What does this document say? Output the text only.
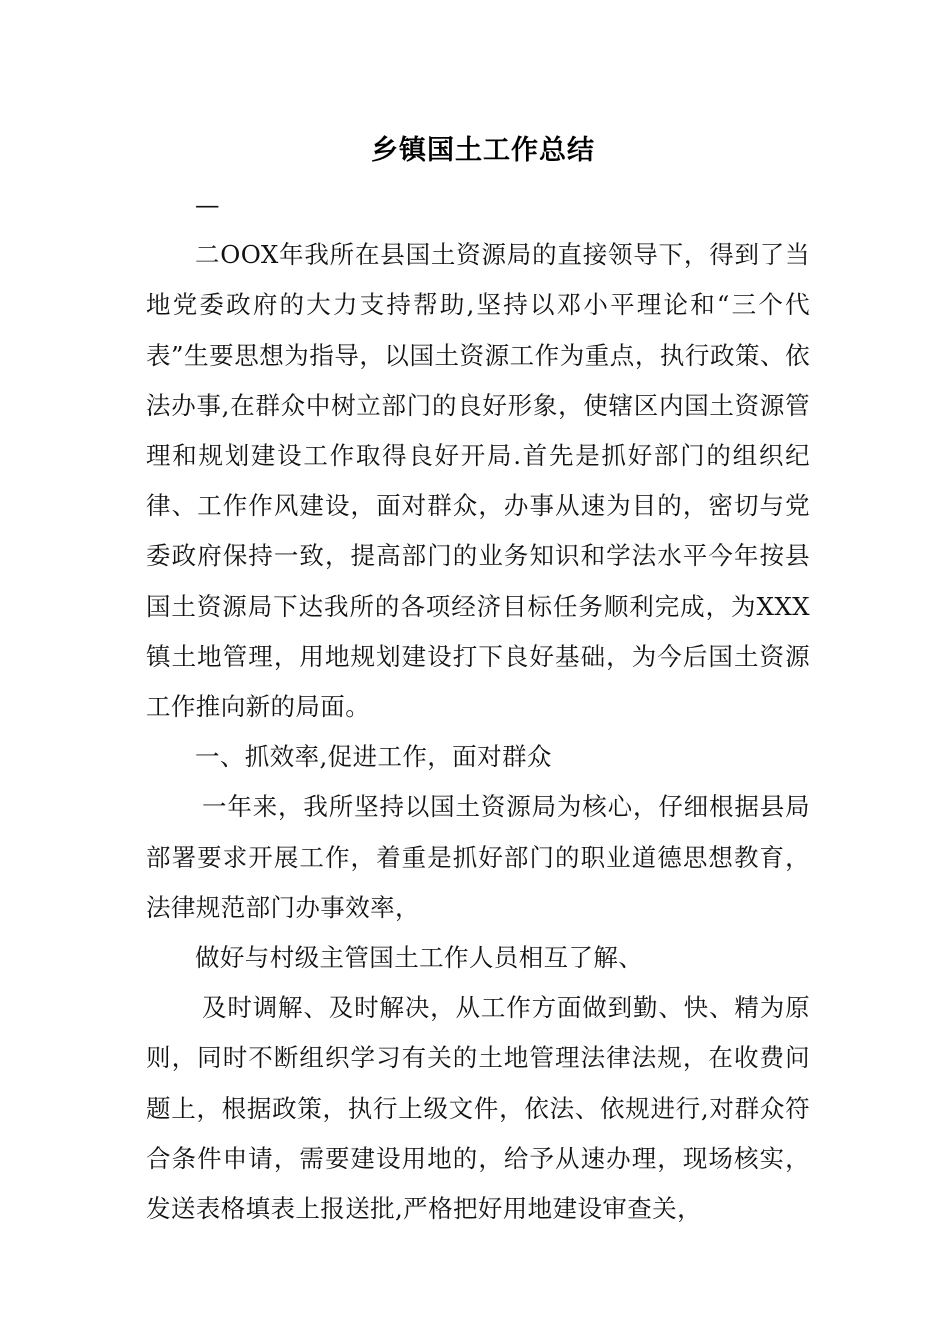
乡镇国土工作总结

—

二OOX年我所在县国土资源局的直接领导下，得到了当地党委政府的大力支持帮助,坚持以邓小平理论和“三个代表”生要思想为指导，以国土资源工作为重点，执行政策、依法办事,在群众中树立部门的良好形象，使辖区内国土资源管理和规划建设工作取得良好开局.首先是抓好部门的组织纪律、工作作风建设，面对群众，办事从速为目的，密切与党委政府保持一致，提高部门的业务知识和学法水平今年按县国土资源局下达我所的各项经济目标任务顺利完成，为XXX镇土地管理，用地规划建设打下良好基础，为今后国土资源工作推向新的局面。

一、抓效率,促进工作，面对群众

一年来，我所坚持以国土资源局为核心，仔细根据县局部署要求开展工作，着重是抓好部门的职业道德思想教育，法律规范部门办事效率，

做好与村级主管国土工作人员相互了解、

及时调解、及时解决，从工作方面做到勤、快、精为原则，同时不断组织学习有关的土地管理法律法规，在收费问题上，根据政策，执行上级文件，依法、依规进行,对群众符合条件申请，需要建设用地的，给予从速办理，现场核实，发送表格填表上报送批,严格把好用地建设审查关，
